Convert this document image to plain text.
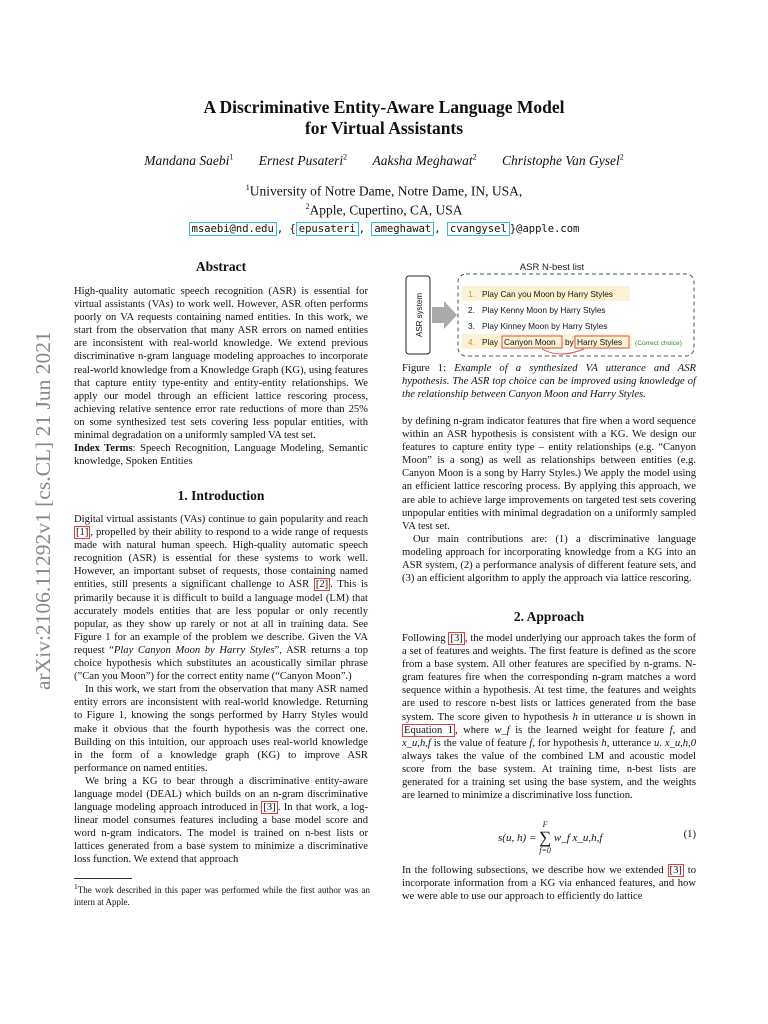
arXiv:2106.11292v1 [cs.CL] 21 Jun 2021
A Discriminative Entity-Aware Language Model
for Virtual Assistants
Mandana Saebi$^1$ Ernest Pusateri$^2$ Aaksha Meghawat$^2$ Christophe Van Gysel$^2$
$^1$University of Notre Dame, Notre Dame, IN, USA,
$^2$Apple, Cupertino, CA, USA
msaebi@nd.edu , { epusateri , ameghawat , cvangysel }@apple.com
Abstract

High-quality automatic speech recognition (ASR) is essential for virtual assistants (VAs) to work well. However, ASR often performs poorly on VA requests containing named entities. In this work, we start from the observation that many ASR errors on named entities are inconsistent with real-world knowledge. We extend previous discriminative n-gram language modeling approaches to incorporate real-world knowledge from a Knowledge Graph (KG), using features that capture entity type-entity and entity-entity relationships. We apply our model through an efficient lattice rescoring process, achieving relative sentence error rate reductions of more than 25% on some synthesized test sets covering less popular entities, with minimal degradation on a uniformly sampled VA test set.

Index Terms: Speech Recognition, Language Modeling, Semantic knowledge, Spoken Entities

1. Introduction

Digital virtual assistants (VAs) continue to gain popularity and reach [1] , propelled by their ability to respond to a wide range of requests made with natural human speech. High-quality automatic speech recognition (ASR) is essential for these systems to work well. However, an important subset of requests, those containing named entities, still presents a significant challenge to ASR [2] . This is primarily because it is difficult to build a language model (LM) that accurately models entities that are less popular or only recently popular, as they show up rarely or not at all in training data. See Figure 1 for an example of the problem we describe. Given the VA request “Play Canyon Moon by Harry Styles”, ASR returns a top choice hypothesis which substitutes an acoustically similar phrase (”Can you Moon”) for the correct entity name (“Canyon Moon”.)

In this work, we start from the observation that many ASR named entity errors are inconsistent with real-world knowledge. Returning to Figure 1, knowing the songs performed by Harry Styles would make it obvious that the fourth hypothesis was the correct one. Building on this intuition, our approach uses real-world knowledge in the form of a knowledge graph (KG) to improve ASR performance on named entities.

We bring a KG to bear through a discriminative entity-aware language model (DEAL) which builds on an n-gram discriminative language modeling approach introduced in [3] . In that work, a log-linear model consumes features including a base model score and word n-gram indicators. The model is trained on n-best lists or lattices generated from a base system to minimize a discriminative loss function. We extend that approach

$^1$The work described in this paper was performed while the first author was an intern at Apple.
ASR N-best list
ASR system	1. Play Can you Moon by Harry Styles
2. Play Kenny Moon by Harry Styles
3. Play Kinney Moon by Harry Styles
4. Play Canyon Moon by Harry Styles (Correct choice)
Figure 1: Example of a synthesized VA utterance and ASR hypothesis. The ASR top choice can be improved using knowledge of the relationship between Canyon Moon and Harry Styles.

by defining n-gram indicator features that fire when a word sequence within an ASR hypothesis is consistent with a KG. We design our features to capture entity type – entity relationships (e.g. “Canyon Moon” is a song) as well as relationships between entities (e.g. Canyon Moon is a song by Harry Styles.) We apply the model using an efficient lattice rescoring process. By applying this approach, we are able to achieve large improvements on targeted test sets covering unpopular entities with minimal degradation on a uniformly sampled VA test set.

Our main contributions are: (1) a discriminative language modeling approach for incorporating knowledge from a KG into an ASR system, (2) a performance analysis of different feature sets, and (3) an efficient algorithm to apply the approach via lattice rescoring.

2. Approach

Following [3] , the model underlying our approach takes the form of a set of features and weights. The first feature is defined as the score from a base system. All other features are specified by n-grams. N-gram features fire when the corresponding n-gram matches a word sequence within a hypothesis. At test time, the features and weights are used to rescore n-best lists or lattices generated from the base system. The score given to hypothesis h in utterance u is shown in Equation 1 , where w_f is the learned weight for feature f, and x_u,h,f is the value of feature f, for hypothesis h, utterance u. x_u,h,0 always takes the value of the combined LM and acoustic model score from the base system. At training time, n-best lists are generated for a training set using the base system, and the weights are learned to minimize a discriminative loss function.

s(u, h) =
F
∑
f=0
w_f x_u,h,f	(1)

In the following subsections, we describe how we extended [3] to incorporate information from a KG via enhanced features, and how we were able to use our approach to efficiently do lattice
